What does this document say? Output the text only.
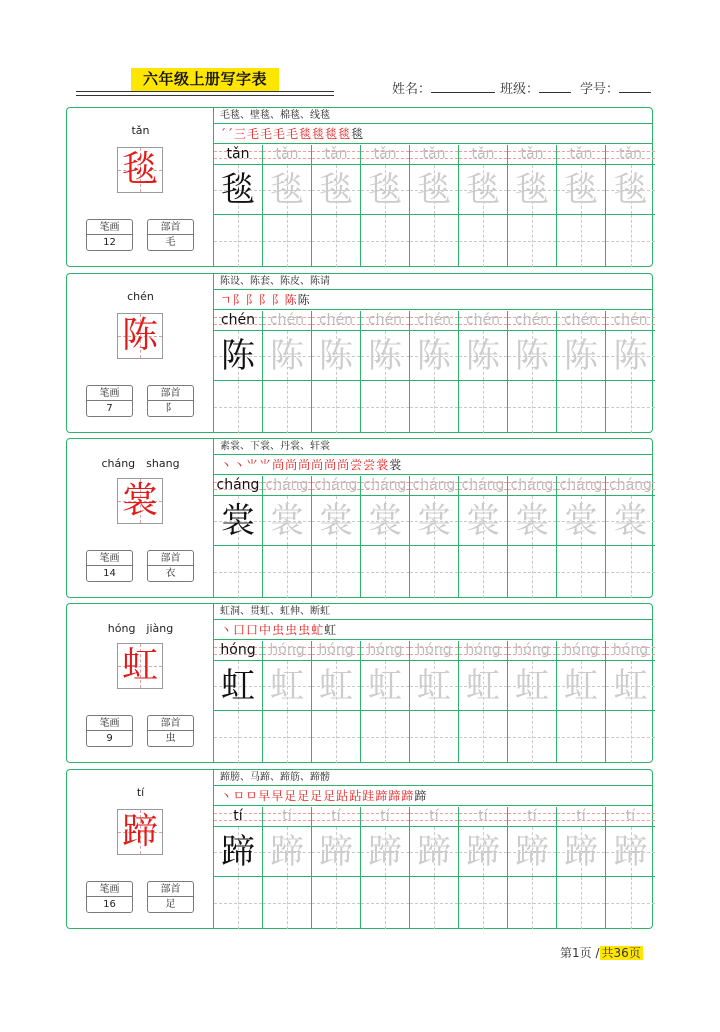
六年级上册写字表
姓名：	班级：	学号：
tǎn
毯
笔画
12
部首
毛
毛毯、壁毯、棉毯、线毯
ˊˊ三毛毛毛毛毯毯毯毯毯
tǎn
毯
tǎn
毯
tǎn
毯
tǎn
毯
tǎn
毯
tǎn
毯
tǎn
毯
tǎn
毯
tǎn
毯
chén
陈
笔画
7
部首
阝
陈设、陈套、陈皮、陈请
ㄱ阝阝阝阝陈陈
chén
陈
chén
陈
chén
陈
chén
陈
chén
陈
chén
陈
chén
陈
chén
陈
chén
陈
cháng　shang
裳
笔画
14
部首
衣
素裳、下裳、丹裳、轩裳
丶丶⺌⺌尚尚尚尚尚尚尝尝裳裳
cháng
裳
cháng
裳
cháng
裳
cháng
裳
cháng
裳
cháng
裳
cháng
裳
cháng
裳
cháng
裳
hóng　jiàng
虹
笔画
9
部首
虫
虹洞、贯虹、虹伸、断虹
丶口口中虫虫虫虻虹
hóng
虹
hóng
虹
hóng
虹
hóng
虹
hóng
虹
hóng
虹
hóng
虹
hóng
虹
hóng
虹
tí
蹄
笔画
16
部首
足
蹄膀、马蹄、蹄筋、蹄髈
丶ㅁㅁ早早足足足足跕跕跬蹄蹄蹄蹄
tí
蹄
tí
蹄
tí
蹄
tí
蹄
tí
蹄
tí
蹄
tí
蹄
tí
蹄
tí
蹄
第1页 / 共36页
